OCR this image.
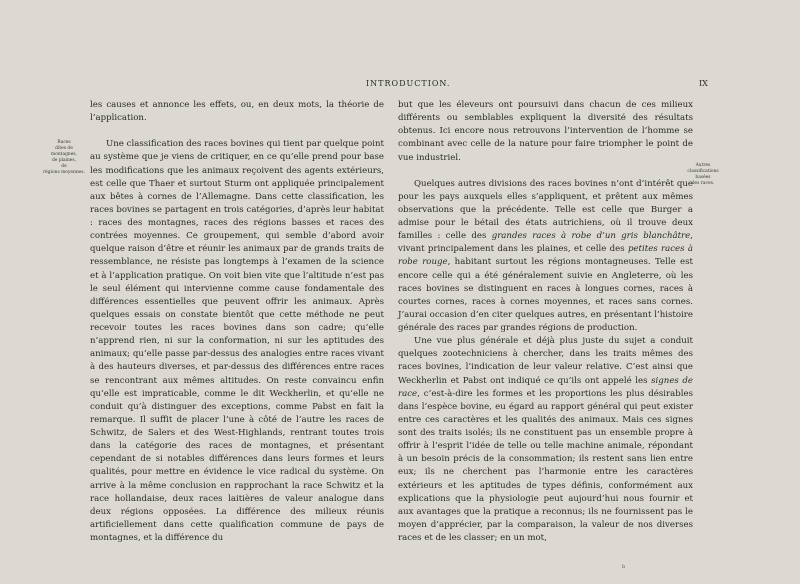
INTRODUCTION.	IX
Races
dites de montagnes,
de plaines,
de
régions moyennes.

les causes et annonce les effets, ou, en deux mots, la théorie de l’application.

Une classification des races bovines qui tient par quelque point au système que je viens de critiquer, en ce qu’elle prend pour base les modifications que les animaux reçoivent des agents extérieurs, est celle que Thaer et surtout Sturm ont appliquée principalement aux bêtes à cornes de l’Allemagne. Dans cette classification, les races bovines se partagent en trois catégories, d’après leur habitat : races des montagnes, races des régions basses et races des contrées moyennes. Ce groupement, qui semble d’abord avoir quelque raison d’être et réunir les animaux par de grands traits de ressemblance, ne résiste pas longtemps à l’examen de la science et à l’application pratique. On voit bien vite que l’altitude n’est pas le seul élément qui intervienne comme cause fondamentale des différences essentielles que peuvent offrir les animaux. Après quelques essais on constate bientôt que cette méthode ne peut recevoir toutes les races bovines dans son cadre; qu’elle n’apprend rien, ni sur la conformation, ni sur les aptitudes des animaux; qu’elle passe par-dessus des analogies entre races vivant à des hauteurs diverses, et par-dessus des différences entre races se rencontrant aux mêmes altitudes. On reste convaincu enfin qu’elle est impraticable, comme le dit Weckherlin, et qu’elle ne conduit qu’à distinguer des exceptions, comme Pabst en fait la remarque. Il suffit de placer l’une à côté de l’autre les races de Schwitz, de Salers et des West-Highlands, rentrant toutes trois dans la catégorie des races de montagnes, et présentant cependant de si notables différences dans leurs formes et leurs qualités, pour mettre en évidence le vice radical du système. On arrive à la même conclusion en rapprochant la race Schwitz et la race hollandaise, deux races laitières de valeur analogue dans deux régions opposées. La différence des milieux réunis artificiellement dans cette qualification commune de pays de montagnes, et la différence du

but que les éleveurs ont poursuivi dans chacun de ces milieux différents ou semblables expliquent la diversité des résultats obtenus. Ici encore nous retrouvons l’intervention de l’homme se combinant avec celle de la nature pour faire triompher le point de vue industriel.

Quelques autres divisions des races bovines n’ont d’intérêt que pour les pays auxquels elles s’appliquent, et prêtent aux mêmes observations que la précédente. Telle est celle que Burger a admise pour le bétail des états autrichiens, où il trouve deux familles : celle des grandes races à robe d’un gris blanchâtre, vivant principalement dans les plaines, et celle des petites races à robe rouge, habitant surtout les régions montagneuses. Telle est encore celle qui a été généralement suivie en Angleterre, où les races bovines se distinguent en races à longues cornes, races à courtes cornes, races à cornes moyennes, et races sans cornes. J’aurai occasion d’en citer quelques autres, en présentant l’histoire générale des races par grandes régions de production.

Une vue plus générale et déjà plus juste du sujet a conduit quelques zootechniciens à chercher, dans les traits mêmes des races bovines, l’indication de leur valeur relative. C’est ainsi que Weckherlin et Pabst ont indiqué ce qu’ils ont appelé les signes de race, c’est-à-dire les formes et les proportions les plus désirables dans l’espèce bovine, eu égard au rapport général qui peut exister entre ces caractères et les qualités des animaux. Mais ces signes sont des traits isolés; ils ne constituent pas un ensemble propre à offrir à l’esprit l’idée de telle ou telle machine animale, répondant à un besoin précis de la consommation; ils restent sans lien entre eux; ils ne cherchent pas l’harmonie entre les caractères extérieurs et les aptitudes de types définis, conformément aux explications que la physiologie peut aujourd’hui nous fournir et aux avantages que la pratique a reconnus; ils ne fournissent pas le moyen d’apprécier, par la comparaison, la valeur de nos diverses races et de les classer; en un mot,

Autres
classifications
basées
des races.
b
